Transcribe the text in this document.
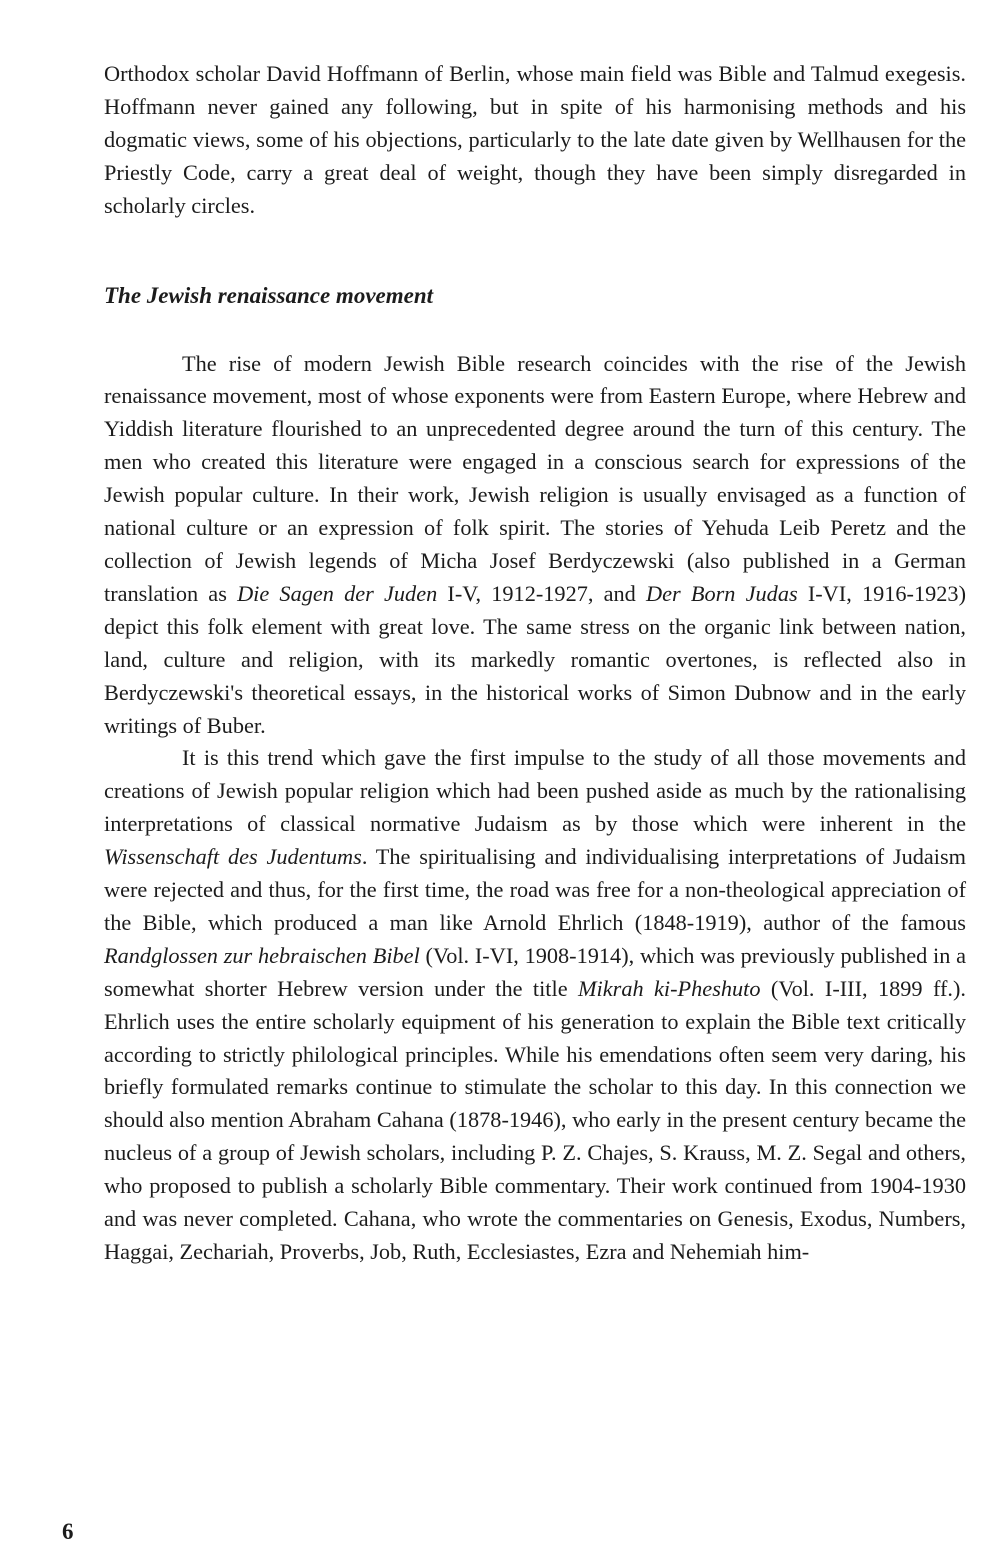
Orthodox scholar David Hoffmann of Berlin, whose main field was Bible and Talmud exegesis. Hoffmann never gained any following, but in spite of his harmonising methods and his dogmatic views, some of his objections, particularly to the late date given by Wellhausen for the Priestly Code, carry a great deal of weight, though they have been simply disregarded in scholarly circles.

The Jewish renaissance movement

The rise of modern Jewish Bible research coincides with the rise of the Jewish renaissance movement, most of whose exponents were from Eastern Europe, where Hebrew and Yiddish literature flourished to an unprecedented degree around the turn of this century. The men who created this literature were engaged in a conscious search for expressions of the Jewish popular culture. In their work, Jewish religion is usually envisaged as a function of national culture or an expression of folk spirit. The stories of Yehuda Leib Peretz and the collection of Jewish legends of Micha Josef Berdyczewski (also published in a German translation as Die Sagen der Juden I-V, 1912-1927, and Der Born Judas I-VI, 1916-1923) depict this folk element with great love. The same stress on the organic link between nation, land, culture and religion, with its markedly romantic overtones, is reflected also in Berdyczewski's theoretical essays, in the historical works of Simon Dubnow and in the early writings of Buber.

It is this trend which gave the first impulse to the study of all those movements and creations of Jewish popular religion which had been pushed aside as much by the rationalising interpretations of classical normative Judaism as by those which were inherent in the Wissenschaft des Judentums. The spiritualising and individualising interpretations of Judaism were rejected and thus, for the first time, the road was free for a non-theological appreciation of the Bible, which produced a man like Arnold Ehrlich (1848-1919), author of the famous Randglossen zur hebraischen Bibel (Vol. I-VI, 1908-1914), which was previously published in a somewhat shorter Hebrew version under the title Mikrah ki-Pheshuto (Vol. I-III, 1899 ff.). Ehrlich uses the entire scholarly equipment of his generation to explain the Bible text critically according to strictly philological principles. While his emendations often seem very daring, his briefly formulated remarks continue to stimulate the scholar to this day. In this connection we should also mention Abraham Cahana (1878-1946), who early in the present century became the nucleus of a group of Jewish scholars, including P. Z. Chajes, S. Krauss, M. Z. Segal and others, who proposed to publish a scholarly Bible commentary. Their work continued from 1904-1930 and was never completed. Cahana, who wrote the commentaries on Genesis, Exodus, Numbers, Haggai, Zechariah, Proverbs, Job, Ruth, Ecclesiastes, Ezra and Nehemiah him-

6
